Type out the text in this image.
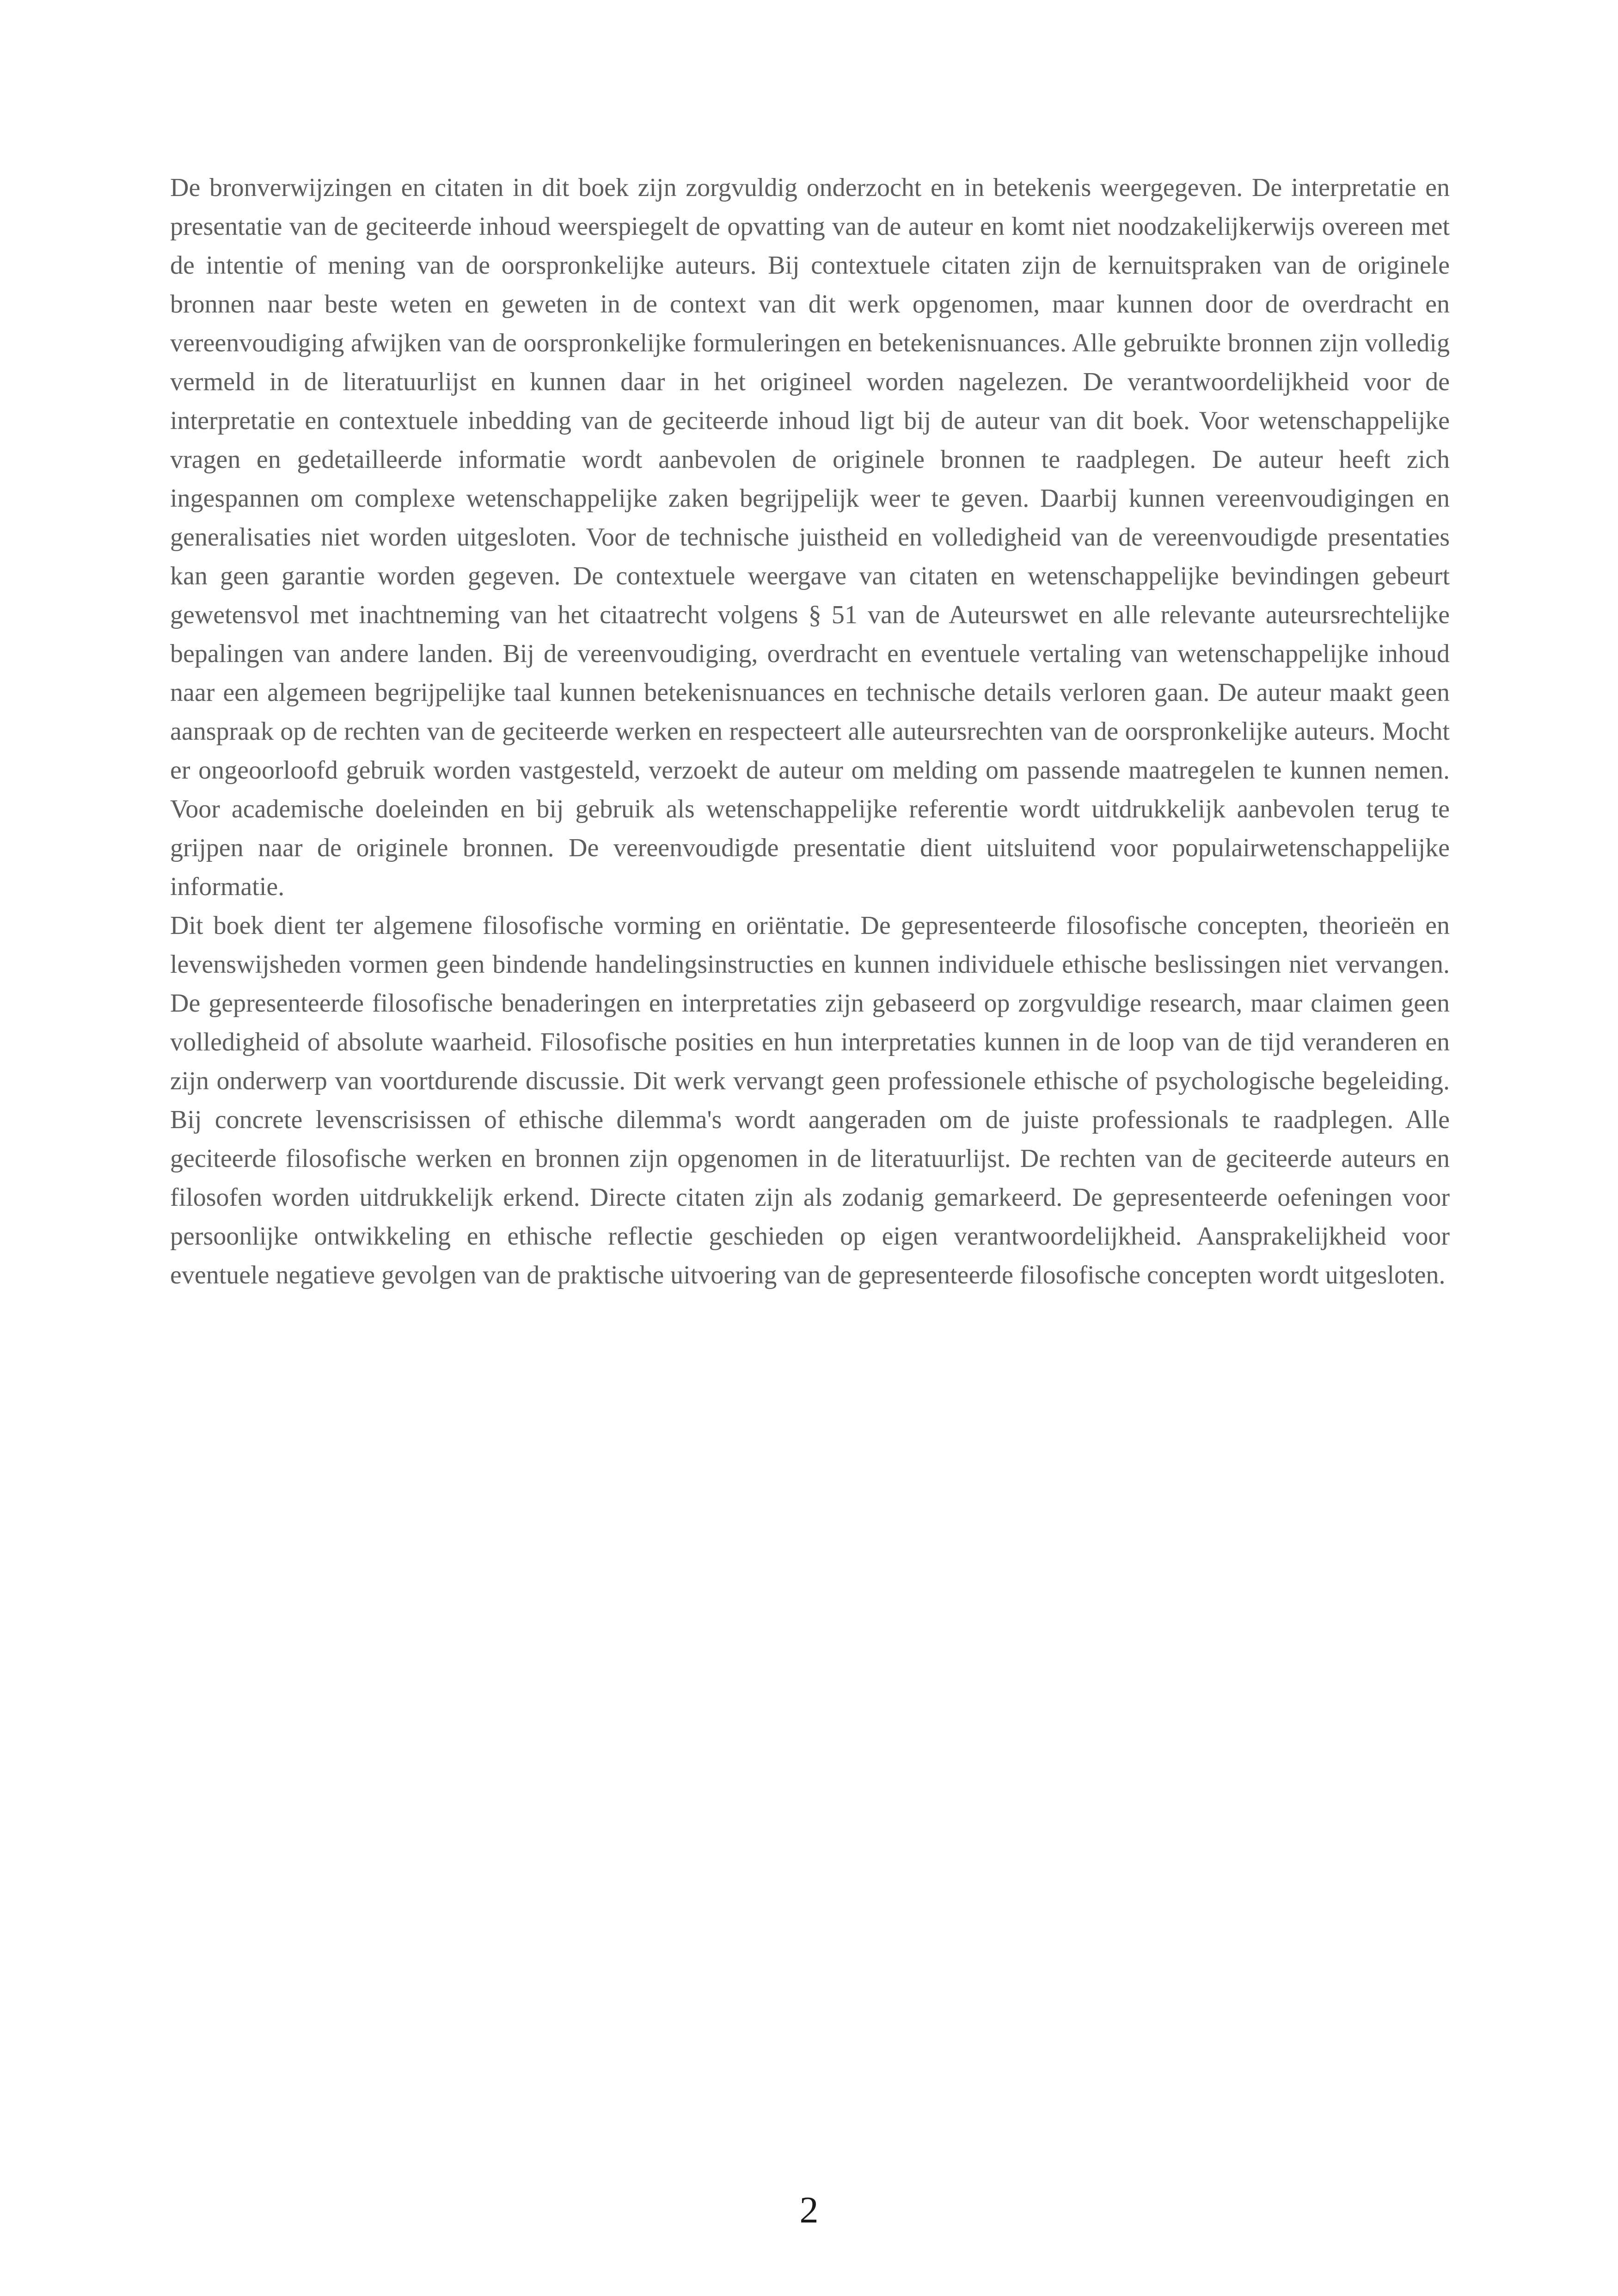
De bronverwijzingen en citaten in dit boek zijn zorgvuldig onderzocht en in betekenis weergegeven. De interpretatie en presentatie van de geciteerde inhoud weerspiegelt de opvatting van de auteur en komt niet noodzakelijkerwijs overeen met de intentie of mening van de oorspronkelijke auteurs. Bij contextuele citaten zijn de kernuitspraken van de originele bronnen naar beste weten en geweten in de context van dit werk opgenomen, maar kunnen door de overdracht en vereenvoudiging afwijken van de oorspronkelijke formuleringen en betekenisnuances. Alle gebruikte bronnen zijn volledig vermeld in de literatuurlijst en kunnen daar in het origineel worden nagelezen. De verantwoordelijkheid voor de interpretatie en contextuele inbedding van de geciteerde inhoud ligt bij de auteur van dit boek. Voor wetenschappelijke vragen en gedetailleerde informatie wordt aanbevolen de originele bronnen te raadplegen. De auteur heeft zich ingespannen om complexe wetenschappelijke zaken begrijpelijk weer te geven. Daarbij kunnen vereenvoudigingen en generalisaties niet worden uitgesloten. Voor de technische juistheid en volledigheid van de vereenvoudigde presentaties kan geen garantie worden gegeven. De contextuele weergave van citaten en wetenschappelijke bevindingen gebeurt gewetensvol met inachtneming van het citaatrecht volgens § 51 van de Auteurswet en alle relevante auteursrechtelijke bepalingen van andere landen. Bij de vereenvoudiging, overdracht en eventuele vertaling van wetenschappelijke inhoud naar een algemeen begrijpelijke taal kunnen betekenisnuances en technische details verloren gaan. De auteur maakt geen aanspraak op de rechten van de geciteerde werken en respecteert alle auteursrechten van de oorspronkelijke auteurs. Mocht er ongeoorloofd gebruik worden vastgesteld, verzoekt de auteur om melding om passende maatregelen te kunnen nemen. Voor academische doeleinden en bij gebruik als wetenschappelijke referentie wordt uitdrukkelijk aanbevolen terug te grijpen naar de originele bronnen. De vereenvoudigde presentatie dient uitsluitend voor populairwetenschappelijke informatie.

Dit boek dient ter algemene filosofische vorming en oriëntatie. De gepresenteerde filosofische concepten, theorieën en levenswijsheden vormen geen bindende handelingsinstructies en kunnen individuele ethische beslissingen niet vervangen. De gepresenteerde filosofische benaderingen en interpretaties zijn gebaseerd op zorgvuldige research, maar claimen geen volledigheid of absolute waarheid. Filosofische posities en hun interpretaties kunnen in de loop van de tijd veranderen en zijn onderwerp van voortdurende discussie. Dit werk vervangt geen professionele ethische of psychologische begeleiding. Bij concrete levenscrisissen of ethische dilemma's wordt aangeraden om de juiste professionals te raadplegen. Alle geciteerde filosofische werken en bronnen zijn opgenomen in de literatuurlijst. De rechten van de geciteerde auteurs en filosofen worden uitdrukkelijk erkend. Directe citaten zijn als zodanig gemarkeerd. De gepresenteerde oefeningen voor persoonlijke ontwikkeling en ethische reflectie geschieden op eigen verantwoordelijkheid. Aansprakelijkheid voor eventuele negatieve gevolgen van de praktische uitvoering van de gepresenteerde filosofische concepten wordt uitgesloten.

2
